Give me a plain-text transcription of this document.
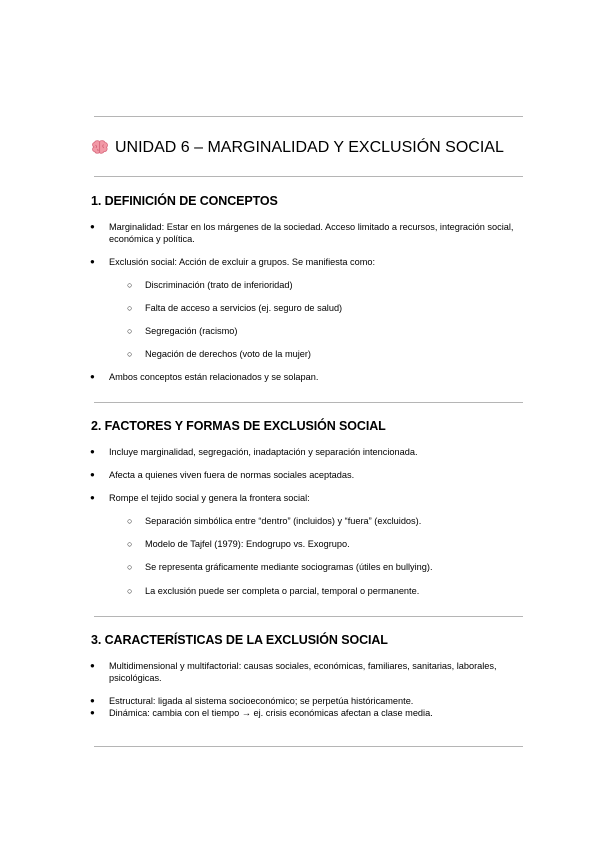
UNIDAD 6 – MARGINALIDAD Y EXCLUSIÓN SOCIAL
1. DEFINICIÓN DE CONCEPTOS
● Marginalidad: Estar en los márgenes de la sociedad. Acceso limitado a recursos, integración social, económica y política.
● Exclusión social: Acción de excluir a grupos. Se manifiesta como:
○ Discriminación (trato de inferioridad)
○ Falta de acceso a servicios (ej. seguro de salud)
○ Segregación (racismo)
○ Negación de derechos (voto de la mujer)
● Ambos conceptos están relacionados y se solapan.
2. FACTORES Y FORMAS DE EXCLUSIÓN SOCIAL
● Incluye marginalidad, segregación, inadaptación y separación intencionada.
● Afecta a quienes viven fuera de normas sociales aceptadas.
● Rompe el tejido social y genera la frontera social:
○ Separación simbólica entre “dentro” (incluidos) y “fuera” (excluidos).
○ Modelo de Tajfel (1979): Endogrupo vs. Exogrupo.
○ Se representa gráficamente mediante sociogramas (útiles en bullying).
○ La exclusión puede ser completa o parcial, temporal o permanente.
3. CARACTERÍSTICAS DE LA EXCLUSIÓN SOCIAL
● Multidimensional y multifactorial: causas sociales, económicas, familiares, sanitarias, laborales, psicológicas.
● Estructural: ligada al sistema socioeconómico; se perpetúa históricamente.
● Dinámica: cambia con el tiempo → ej. crisis económicas afectan a clase media.
